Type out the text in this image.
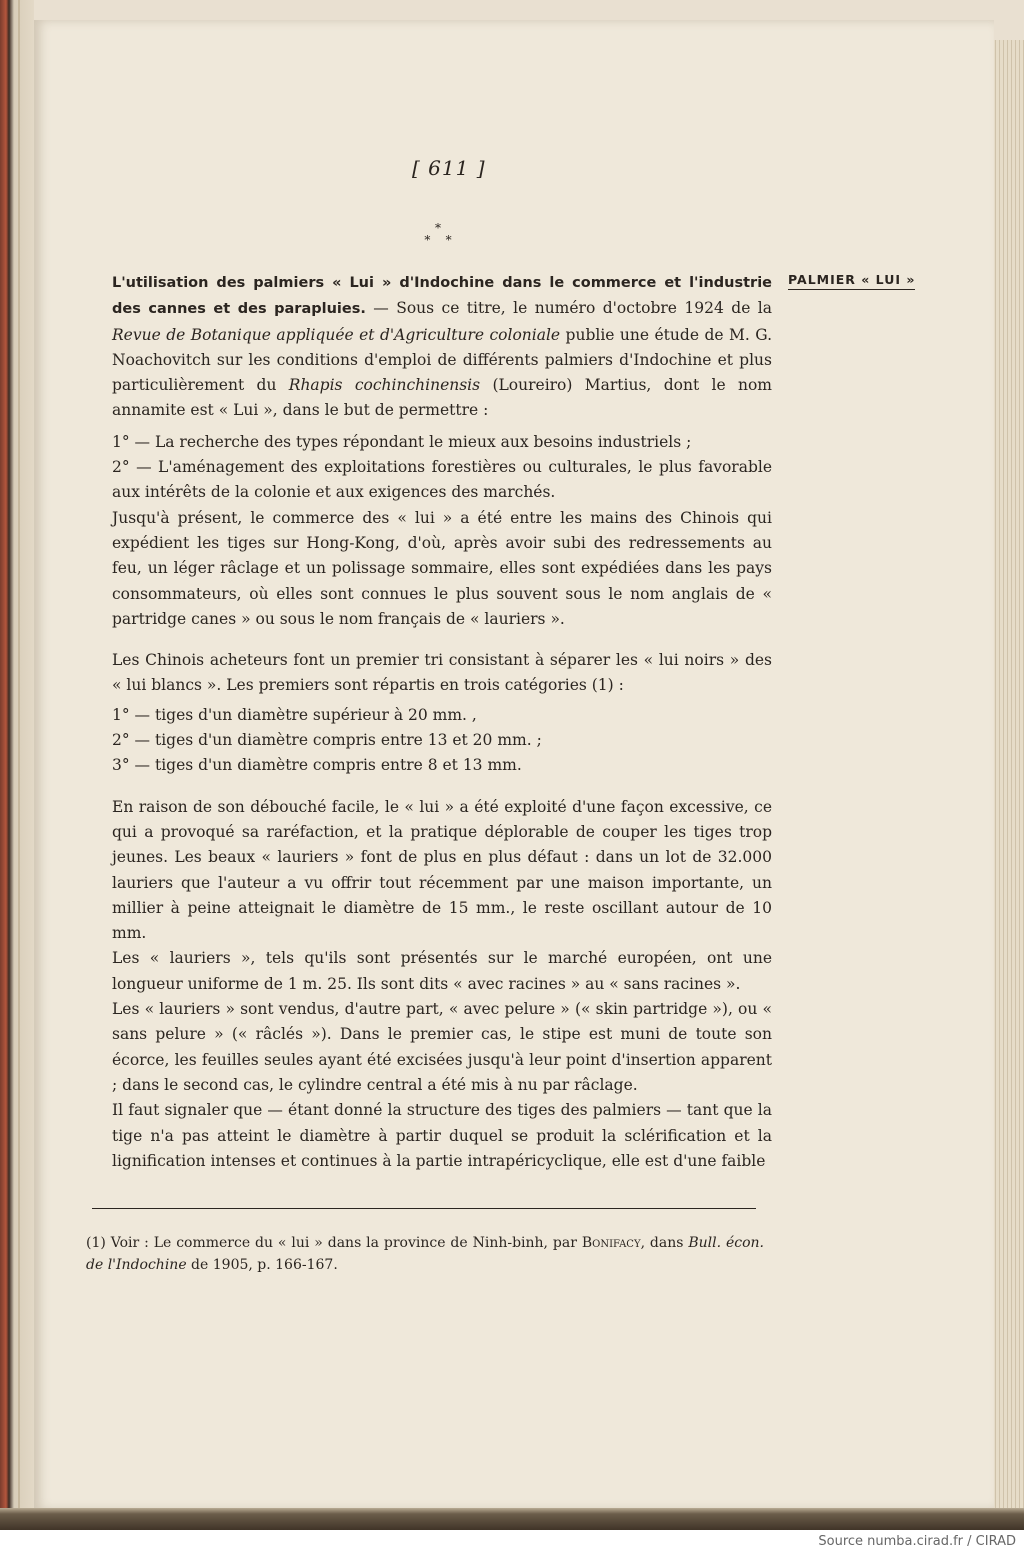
[ 611 ]
*
* *
PALMIER « LUI »

L'utilisation des palmiers « Lui » d'Indochine dans le commerce et l'industrie des cannes et des parapluies. — Sous ce titre, le numéro d'octobre 1924 de la Revue de Botanique appliquée et d'Agriculture coloniale publie une étude de M. G. Noachovitch sur les conditions d'emploi de différents palmiers d'Indochine et plus particulièrement du Rhapis cochinchinensis (Loureiro) Martius, dont le nom annamite est « Lui », dans le but de permettre :

1° — La recherche des types répondant le mieux aux besoins industriels ;

2° — L'aménagement des exploitations forestières ou culturales, le plus favorable aux intérêts de la colonie et aux exigences des marchés.

Jusqu'à présent, le commerce des « lui » a été entre les mains des Chinois qui expédient les tiges sur Hong-Kong, d'où, après avoir subi des redressements au feu, un léger râclage et un polissage sommaire, elles sont expédiées dans les pays consommateurs, où elles sont connues le plus souvent sous le nom anglais de « partridge canes » ou sous le nom français de « lauriers ».

Les Chinois acheteurs font un premier tri consistant à séparer les « lui noirs » des « lui blancs ». Les premiers sont répartis en trois catégories (1) :

1° — tiges d'un diamètre supérieur à 20 mm. ,

2° — tiges d'un diamètre compris entre 13 et 20 mm. ;

3° — tiges d'un diamètre compris entre 8 et 13 mm.

En raison de son débouché facile, le « lui » a été exploité d'une façon excessive, ce qui a provoqué sa raréfaction, et la pratique déplorable de couper les tiges trop jeunes. Les beaux « lauriers » font de plus en plus défaut : dans un lot de 32.000 lauriers que l'auteur a vu offrir tout récemment par une maison importante, un millier à peine atteignait le diamètre de 15 mm., le reste oscillant autour de 10 mm.

Les « lauriers », tels qu'ils sont présentés sur le marché européen, ont une longueur uniforme de 1 m. 25. Ils sont dits « avec racines » au « sans racines ».

Les « lauriers » sont vendus, d'autre part, « avec pelure » (« skin partridge »), ou « sans pelure » (« râclés »). Dans le premier cas, le stipe est muni de toute son écorce, les feuilles seules ayant été excisées jusqu'à leur point d'insertion apparent ; dans le second cas, le cylindre central a été mis à nu par râclage.

Il faut signaler que — étant donné la structure des tiges des palmiers — tant que la tige n'a pas atteint le diamètre à partir duquel se produit la sclérification et la lignification intenses et continues à la partie intrapéricyclique, elle est d'une faible

(1) Voir : Le commerce du « lui » dans la province de Ninh-binh, par Bonifacy, dans Bull. écon. de l'Indochine de 1905, p. 166-167.
Source numba.cirad.fr / CIRAD
